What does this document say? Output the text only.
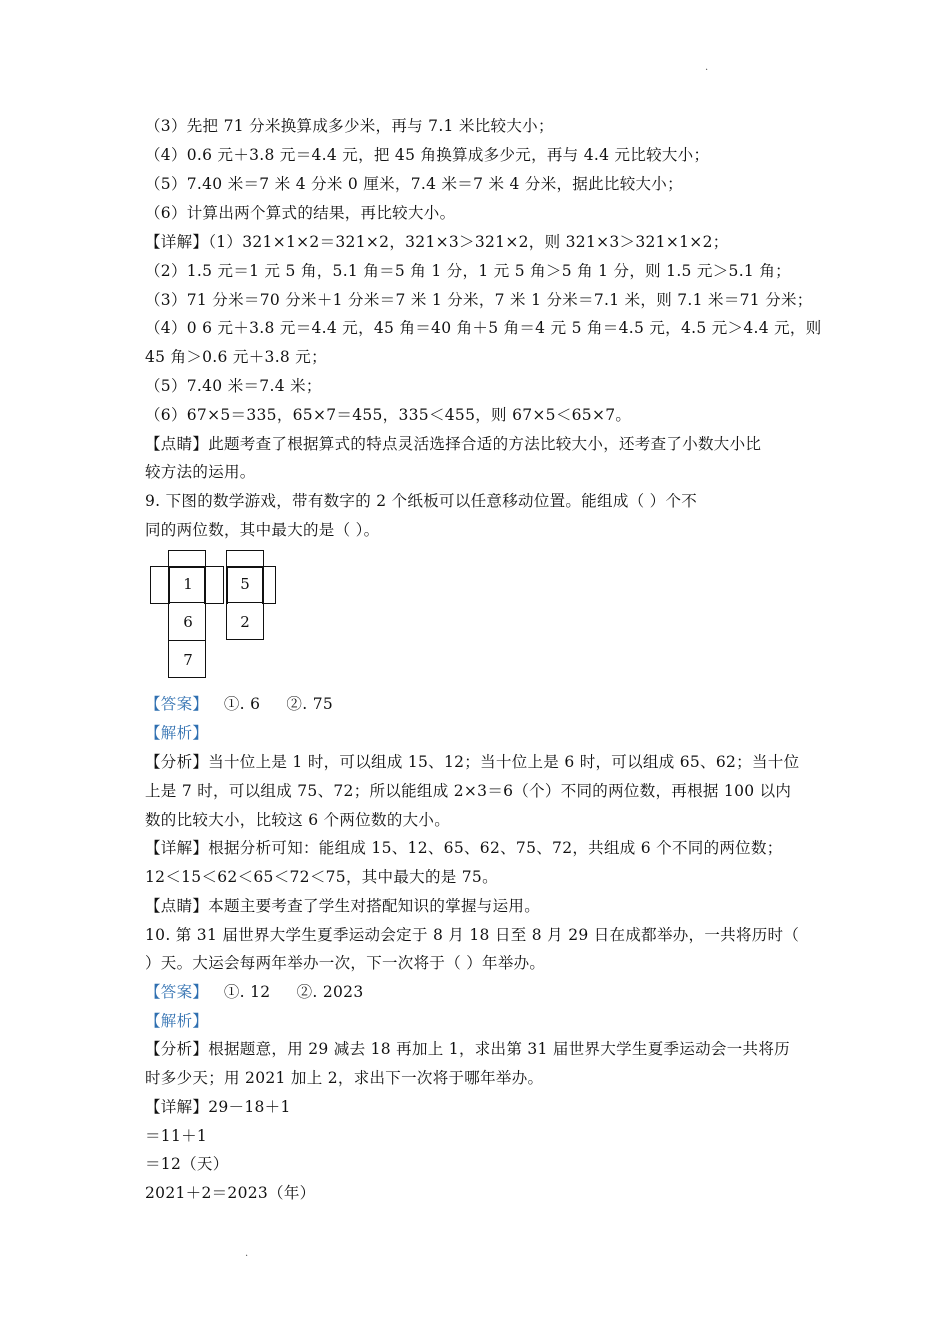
.
（3）先把 71 分米换算成多少米，再与 7.1 米比较大小；
（4）0.6 元＋3.8 元＝4.4 元，把 45 角换算成多少元，再与 4.4 元比较大小；
（5）7.40 米＝7 米 4 分米 0 厘米，7.4 米＝7 米 4 分米，据此比较大小；
（6）计算出两个算式的结果，再比较大小。
【详解】（1）321×1×2＝321×2，321×3＞321×2，则 321×3＞321×1×2；
（2）1.5 元＝1 元 5 角，5.1 角＝5 角 1 分，1 元 5 角＞5 角 1 分，则 1.5 元＞5.1 角；
（3）71 分米＝70 分米＋1 分米＝7 米 1 分米，7 米 1 分米＝7.1 米，则 7.1 米＝71 分米；
（4）0 6 元＋3.8 元＝4.4 元，45 角＝40 角＋5 角＝4 元 5 角＝4.5 元，4.5 元＞4.4 元，则
45 角＞0.6 元＋3.8 元；
（5）7.40 米＝7.4 米；
（6）67×5＝335，65×7＝455，335＜455，则 67×5＜65×7。
【点睛】此题考查了根据算式的特点灵活选择合适的方法比较大小，还考查了小数大小比
较方法的运用。
9. 下图的数学游戏，带有数字的 2 个纸板可以任意移动位置。能组成（ ）个不
同的两位数，其中最大的是（ ）。
1
6
7
5
2
【答案】   ①. 6     ②. 75
【解析】
【分析】当十位上是 1 时，可以组成 15、12；当十位上是 6 时，可以组成 65、62；当十位
上是 7 时，可以组成 75、72；所以能组成 2×3＝6（个）不同的两位数，再根据 100 以内
数的比较大小，比较这 6 个两位数的大小。
【详解】根据分析可知：能组成 15、12、65、62、75、72，共组成 6 个不同的两位数；
12＜15＜62＜65＜72＜75，其中最大的是 75。
【点睛】本题主要考查了学生对搭配知识的掌握与运用。
10. 第 31 届世界大学生夏季运动会定于 8 月 18 日至 8 月 29 日在成都举办，一共将历时（
）天。大运会每两年举办一次，下一次将于（ ）年举办。
【答案】   ①. 12     ②. 2023
【解析】
【分析】根据题意，用 29 减去 18 再加上 1，求出第 31 届世界大学生夏季运动会一共将历
时多少天；用 2021 加上 2，求出下一次将于哪年举办。
【详解】29－18＋1
＝11＋1
＝12（天）
2021＋2＝2023（年）
.
